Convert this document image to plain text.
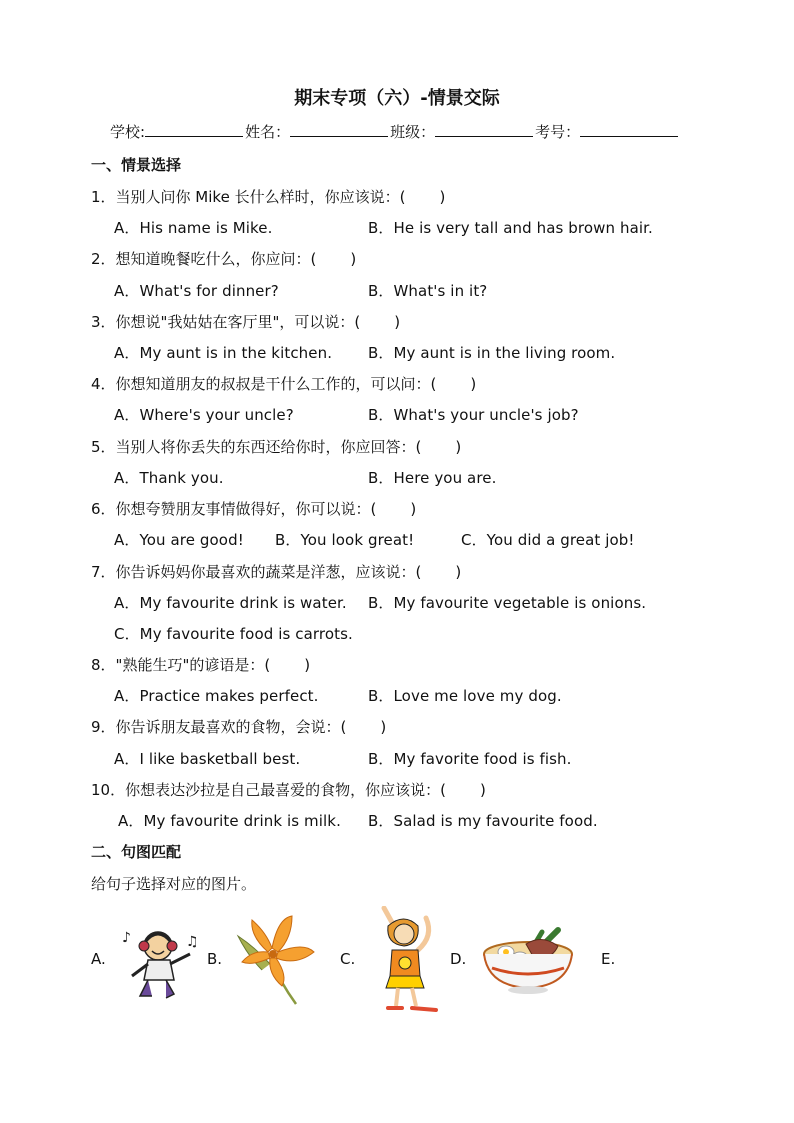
期末专项（六）-情景交际
学校:	姓名：	班级：	考号：
一、情景选择
1．当别人问你 Mike 长什么样时，你应该说：( )
A．His name is Mike.	B．He is very tall and has brown hair.
2．想知道晚餐吃什么，你应问：( )
A．What's for dinner?	B．What's in it?
3．你想说"我姑姑在客厅里"，可以说：( )
A．My aunt is in the kitchen. B．My aunt is in the living room.
4．你想知道朋友的叔叔是干什么工作的，可以问：( )
A．Where's your uncle?	B．What's your uncle's job?
5．当别人将你丢失的东西还给你时，你应回答：( )
A．Thank you.	B．Here you are.
6．你想夸赞朋友事情做得好，你可以说：( )
A．You are good! B．You look great!	C．You did a great job!
7．你告诉妈妈你最喜欢的蔬菜是洋葱，应该说：( )
A．My favourite drink is water. B．My favourite vegetable is onions.
C．My favourite food is carrots.
8．"熟能生巧"的谚语是：( )
A．Practice makes perfect.	B．Love me love my dog.
9．你告诉朋友最喜欢的食物，会说：( )
A．I like basketball best.	B．My favorite food is fish.
10．你想表达沙拉是自己最喜爱的食物，你应该说：( )
A．My favourite drink is milk. B．Salad is my favourite food.
二、句图匹配
给句子选择对应的图片。
A.	B.	C.	D.	E.
♪	♫
